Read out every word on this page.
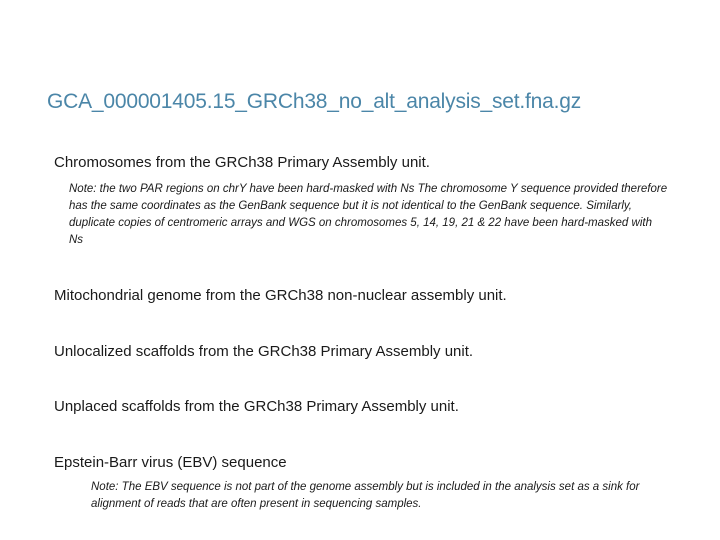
GCA_000001405.15_GRCh38_no_alt_analysis_set.fna.gz

Chromosomes from the GRCh38 Primary Assembly unit.

Note: the two PAR regions on chrY have been hard-masked with Ns The chromosome Y sequence provided therefore has the same coordinates as the GenBank sequence but it is not identical to the GenBank sequence. Similarly, duplicate copies of centromeric arrays and WGS on chromosomes 5, 14, 19, 21 & 22 have been hard-masked with Ns

Mitochondrial genome from the GRCh38 non-nuclear assembly unit.

Unlocalized scaffolds from the GRCh38 Primary Assembly unit.

Unplaced scaffolds from the GRCh38 Primary Assembly unit.

Epstein-Barr virus (EBV) sequence

Note: The EBV sequence is not part of the genome assembly but is included in the analysis set as a sink for alignment of reads that are often present in sequencing samples.
